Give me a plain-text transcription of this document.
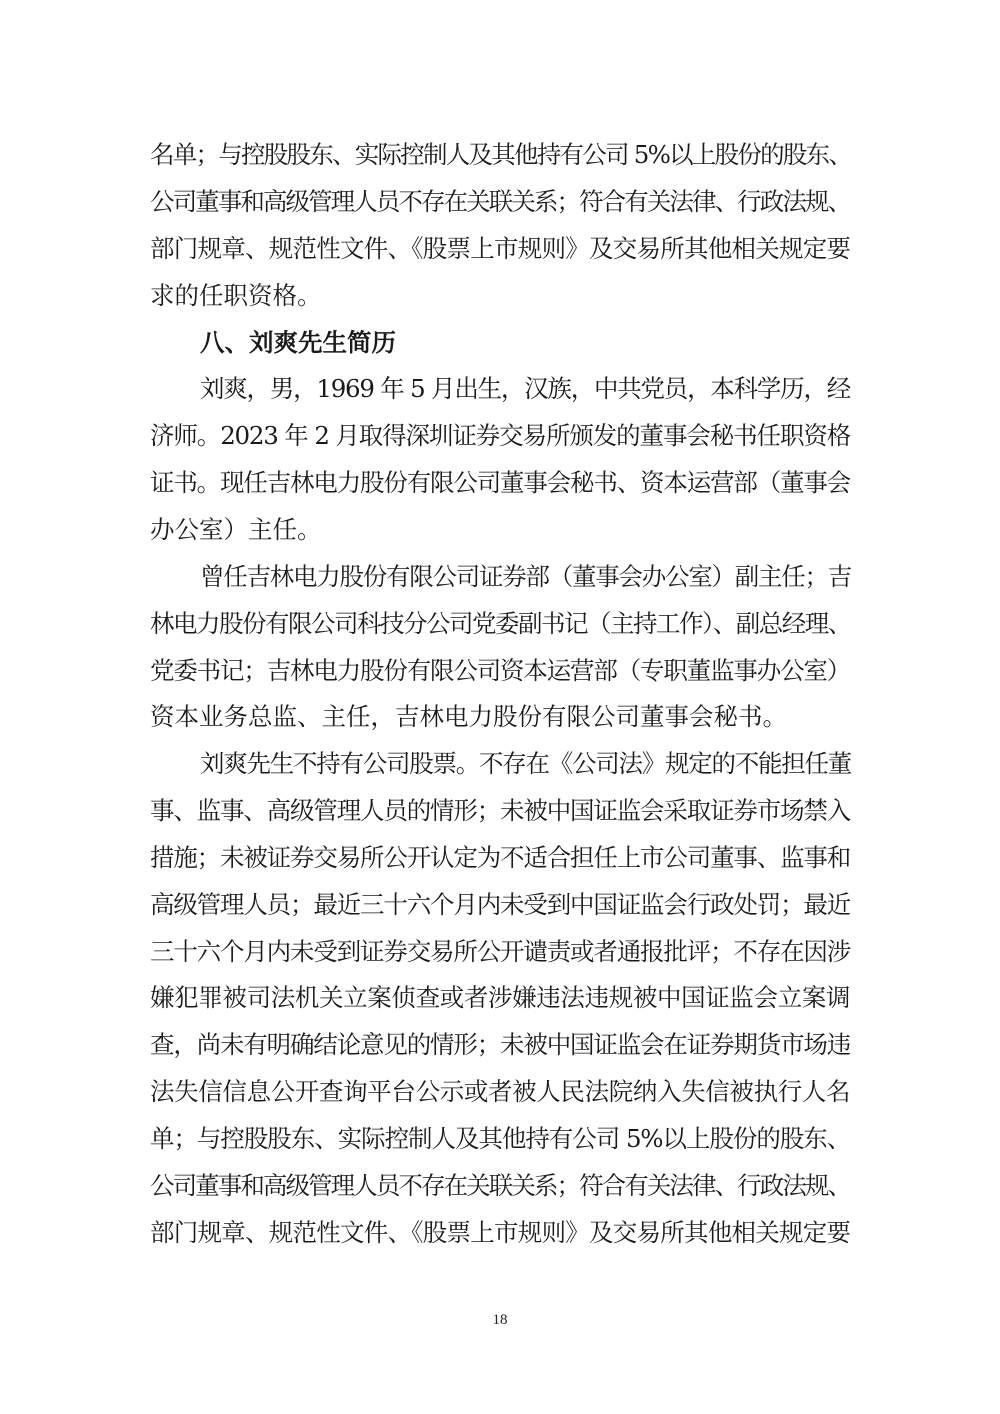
名单；与控股股东、实际控制人及其他持有公司 5%以上股份的股东、
公司董事和高级管理人员不存在关联关系；符合有关法律、行政法规、
部门规章、规范性文件、《股票上市规则》及交易所其他相关规定要
求的任职资格。
八、刘爽先生简历
刘爽，男，1969 年 5 月出生，汉族，中共党员，本科学历，经
济师。2023 年 2 月取得深圳证券交易所颁发的董事会秘书任职资格
证书。现任吉林电力股份有限公司董事会秘书、资本运营部（董事会
办公室）主任。
曾任吉林电力股份有限公司证券部（董事会办公室）副主任；吉
林电力股份有限公司科技分公司党委副书记（主持工作）、副总经理、
党委书记；吉林电力股份有限公司资本运营部（专职董监事办公室）
资本业务总监、主任，吉林电力股份有限公司董事会秘书。
刘爽先生不持有公司股票。不存在《公司法》规定的不能担任董
事、监事、高级管理人员的情形；未被中国证监会采取证券市场禁入
措施；未被证券交易所公开认定为不适合担任上市公司董事、监事和
高级管理人员；最近三十六个月内未受到中国证监会行政处罚；最近
三十六个月内未受到证券交易所公开谴责或者通报批评；不存在因涉
嫌犯罪被司法机关立案侦查或者涉嫌违法违规被中国证监会立案调
查，尚未有明确结论意见的情形；未被中国证监会在证券期货市场违
法失信信息公开查询平台公示或者被人民法院纳入失信被执行人名
单；与控股股东、实际控制人及其他持有公司 5%以上股份的股东、
公司董事和高级管理人员不存在关联关系；符合有关法律、行政法规、
部门规章、规范性文件、《股票上市规则》及交易所其他相关规定要
18
